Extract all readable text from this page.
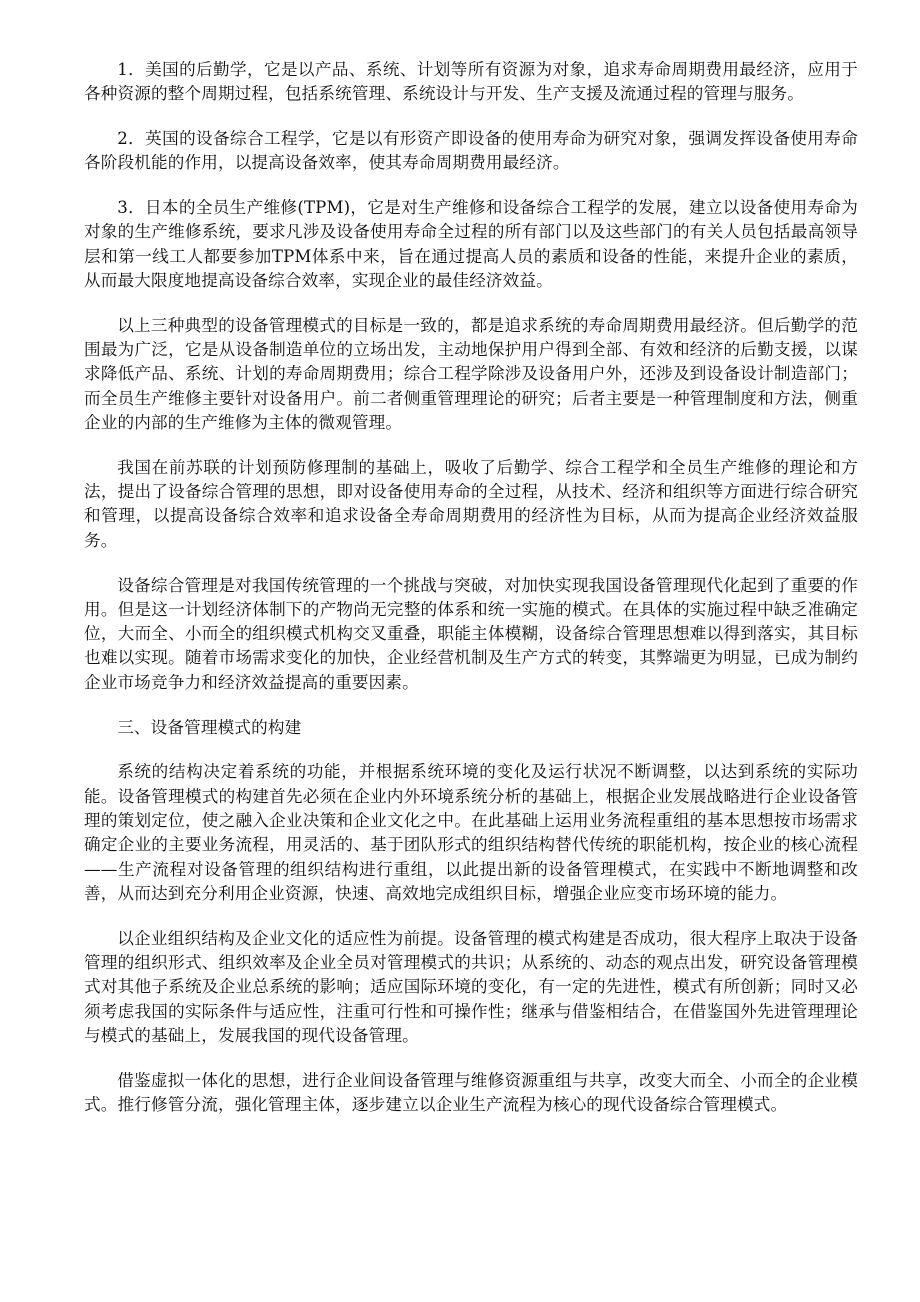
1．美国的后勤学，它是以产品、系统、计划等所有资源为对象，追求寿命周期费用最经济，应用于各种资源的整个周期过程，包括系统管理、系统设计与开发、生产支援及流通过程的管理与服务。

2．英国的设备综合工程学，它是以有形资产即设备的使用寿命为研究对象，强调发挥设备使用寿命各阶段机能的作用，以提高设备效率，使其寿命周期费用最经济。

3．日本的全员生产维修(TPM)，它是对生产维修和设备综合工程学的发展，建立以设备使用寿命为对象的生产维修系统，要求凡涉及设备使用寿命全过程的所有部门以及这些部门的有关人员包括最高领导层和第一线工人都要参加TPM体系中来，旨在通过提高人员的素质和设备的性能，来提升企业的素质，从而最大限度地提高设备综合效率，实现企业的最佳经济效益。

以上三种典型的设备管理模式的目标是一致的，都是追求系统的寿命周期费用最经济。但后勤学的范围最为广泛，它是从设备制造单位的立场出发，主动地保护用户得到全部、有效和经济的后勤支援，以谋求降低产品、系统、计划的寿命周期费用；综合工程学除涉及设备用户外，还涉及到设备设计制造部门；而全员生产维修主要针对设备用户。前二者侧重管理理论的研究；后者主要是一种管理制度和方法，侧重企业的内部的生产维修为主体的微观管理。

我国在前苏联的计划预防修理制的基础上，吸收了后勤学、综合工程学和全员生产维修的理论和方法，提出了设备综合管理的思想，即对设备使用寿命的全过程，从技术、经济和组织等方面进行综合研究和管理，以提高设备综合效率和追求设备全寿命周期费用的经济性为目标，从而为提高企业经济效益服务。

设备综合管理是对我国传统管理的一个挑战与突破，对加快实现我国设备管理现代化起到了重要的作用。但是这一计划经济体制下的产物尚无完整的体系和统一实施的模式。在具体的实施过程中缺乏准确定位，大而全、小而全的组织模式机构交叉重叠，职能主体模糊，设备综合管理思想难以得到落实，其目标也难以实现。随着市场需求变化的加快，企业经营机制及生产方式的转变，其弊端更为明显，已成为制约企业市场竞争力和经济效益提高的重要因素。

三、设备管理模式的构建

系统的结构决定着系统的功能，并根据系统环境的变化及运行状况不断调整，以达到系统的实际功能。设备管理模式的构建首先必须在企业内外环境系统分析的基础上，根据企业发展战略进行企业设备管理的策划定位，使之融入企业决策和企业文化之中。在此基础上运用业务流程重组的基本思想按市场需求确定企业的主要业务流程，用灵活的、基于团队形式的组织结构替代传统的职能机构，按企业的核心流程——生产流程对设备管理的组织结构进行重组，以此提出新的设备管理模式，在实践中不断地调整和改善，从而达到充分利用企业资源，快速、高效地完成组织目标，增强企业应变市场环境的能力。

以企业组织结构及企业文化的适应性为前提。设备管理的模式构建是否成功，很大程序上取决于设备管理的组织形式、组织效率及企业全员对管理模式的共识；从系统的、动态的观点出发，研究设备管理模式对其他子系统及企业总系统的影响；适应国际环境的变化，有一定的先进性，模式有所创新；同时又必须考虑我国的实际条件与适应性，注重可行性和可操作性；继承与借鉴相结合，在借鉴国外先进管理理论与模式的基础上，发展我国的现代设备管理。

借鉴虚拟一体化的思想，进行企业间设备管理与维修资源重组与共享，改变大而全、小而全的企业模式。推行修管分流，强化管理主体，逐步建立以企业生产流程为核心的现代设备综合管理模式。
